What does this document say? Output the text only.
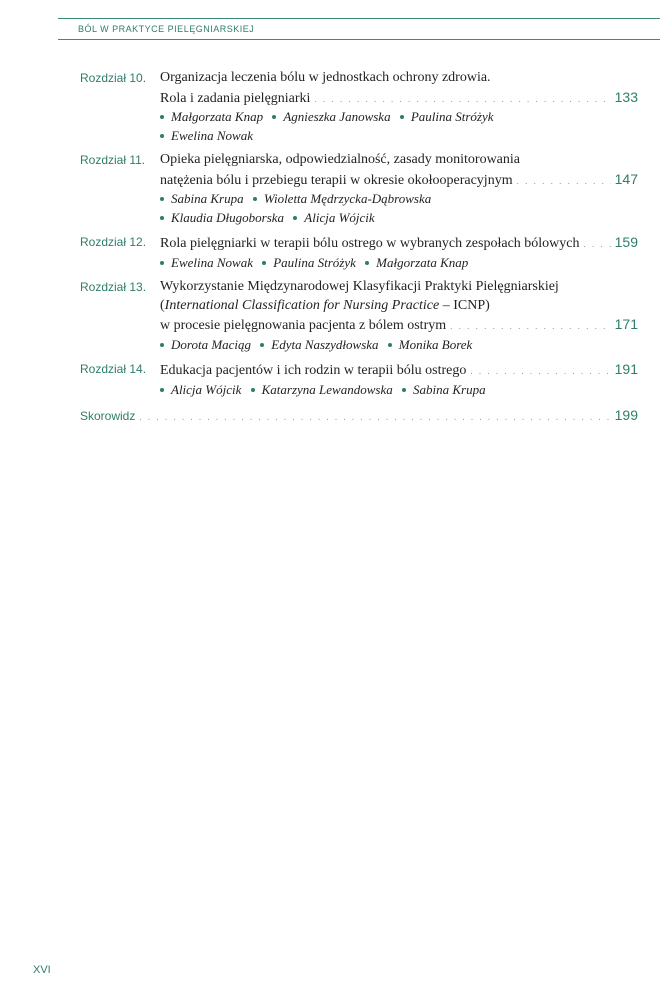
BÓL W PRAKTYCE PIELĘGNIARSKIEJ
Rozdział 10. Organizacja leczenia bólu w jednostkach ochrony zdrowia.
Rola i zadania pielęgniarki . . .	133
Małgorzata Knap Agnieszka Janowska Paulina Stróżyk
Ewelina Nowak
Rozdział 11. Opieka pielęgniarska, odpowiedzialność, zasady monitorowania
natężenia bólu i przebiegu terapii w okresie okołooperacyjnym . . .	147
Sabina Krupa Wioletta Mędrzycka-Dąbrowska
Klaudia Długoborska Alicja Wójcik
Rozdział 12. Rola pielęgniarki w terapii bólu ostrego w wybranych zespołach bólowych . . .	159
Ewelina Nowak Paulina Stróżyk Małgorzata Knap
Rozdział 13. Wykorzystanie Międzynarodowej Klasyfikacji Praktyki Pielęgniarskiej
(International Classification for Nursing Practice – ICNP)
w procesie pielęgnowania pacjenta z bólem ostrym . . .	171
Dorota Maciąg Edyta Naszydłowska Monika Borek
Rozdział 14. Edukacja pacjentów i ich rodzin w terapii bólu ostrego . . .	191
Alicja Wójcik Katarzyna Lewandowska Sabina Krupa
Skorowidz . . .	199
XVI
